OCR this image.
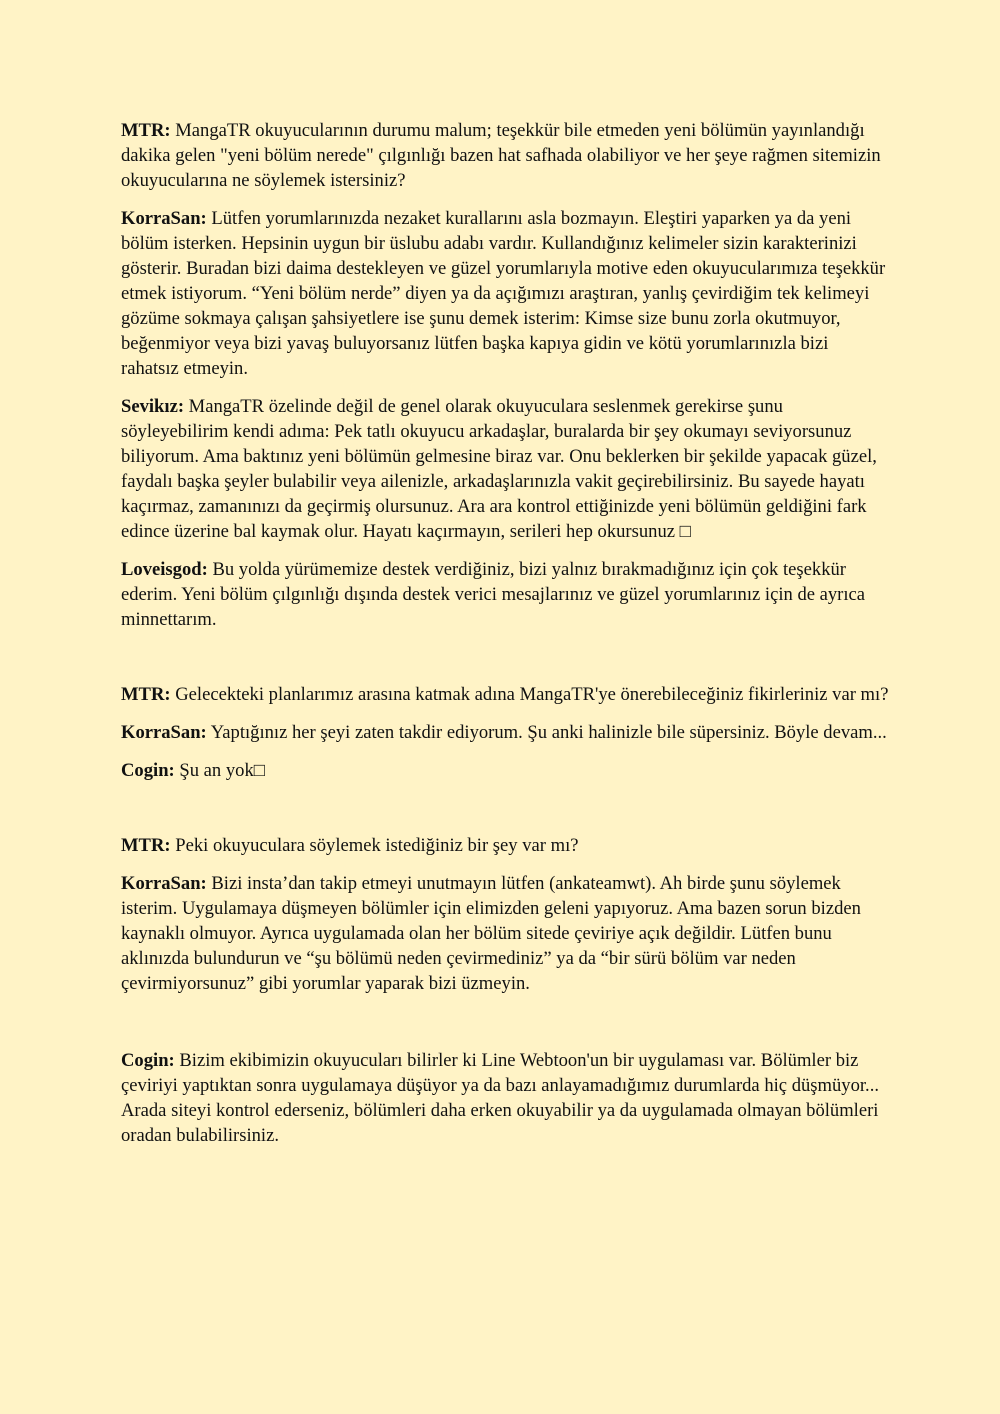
MTR: MangaTR okuyucularının durumu malum; teşekkür bile etmeden yeni bölümün yayınlandığı dakika gelen "yeni bölüm nerede" çılgınlığı bazen hat safhada olabiliyor ve her şeye rağmen sitemizin okuyucularına ne söylemek istersiniz?

KorraSan: Lütfen yorumlarınızda nezaket kurallarını asla bozmayın. Eleştiri yaparken ya da yeni bölüm isterken. Hepsinin uygun bir üslubu adabı vardır. Kullandığınız kelimeler sizin karakterinizi gösterir. Buradan bizi daima destekleyen ve güzel yorumlarıyla motive eden okuyucularımıza teşekkür etmek istiyorum. “Yeni bölüm nerde” diyen ya da açığımızı araştıran, yanlış çevirdiğim tek kelimeyi gözüme sokmaya çalışan şahsiyetlere ise şunu demek isterim: Kimse size bunu zorla okutmuyor, beğenmiyor veya bizi yavaş buluyorsanız lütfen başka kapıya gidin ve kötü yorumlarınızla bizi rahatsız etmeyin.

Sevikız: MangaTR özelinde değil de genel olarak okuyuculara seslenmek gerekirse şunu söyleyebilirim kendi adıma: Pek tatlı okuyucu arkadaşlar, buralarda bir şey okumayı seviyorsunuz biliyorum. Ama baktınız yeni bölümün gelmesine biraz var. Onu beklerken bir şekilde yapacak güzel, faydalı başka şeyler bulabilir veya ailenizle, arkadaşlarınızla vakit geçirebilirsiniz. Bu sayede hayatı kaçırmaz, zamanınızı da geçirmiş olursunuz. Ara ara kontrol ettiğinizde yeni bölümün geldiğini fark edince üzerine bal kaymak olur. Hayatı kaçırmayın, serileri hep okursunuz □

Loveisgod: Bu yolda yürümemize destek verdiğiniz, bizi yalnız bırakmadığınız için çok teşekkür ederim. Yeni bölüm çılgınlığı dışında destek verici mesajlarınız ve güzel yorumlarınız için de ayrıca minnettarım.

MTR: Gelecekteki planlarımız arasına katmak adına MangaTR'ye önerebileceğiniz fikirleriniz var mı?

KorraSan: Yaptığınız her şeyi zaten takdir ediyorum. Şu anki halinizle bile süpersiniz. Böyle devam...

Cogin: Şu an yok□

MTR: Peki okuyuculara söylemek istediğiniz bir şey var mı?

KorraSan: Bizi insta’dan takip etmeyi unutmayın lütfen (ankateamwt). Ah birde şunu söylemek isterim. Uygulamaya düşmeyen bölümler için elimizden geleni yapıyoruz. Ama bazen sorun bizden kaynaklı olmuyor. Ayrıca uygulamada olan her bölüm sitede çeviriye açık değildir. Lütfen bunu aklınızda bulundurun ve “şu bölümü neden çevirmediniz” ya da “bir sürü bölüm var neden çevirmiyorsunuz” gibi yorumlar yaparak bizi üzmeyin.

Cogin: Bizim ekibimizin okuyucuları bilirler ki Line Webtoon'un bir uygulaması var. Bölümler biz çeviriyi yaptıktan sonra uygulamaya düşüyor ya da bazı anlayamadığımız durumlarda hiç düşmüyor... Arada siteyi kontrol ederseniz, bölümleri daha erken okuyabilir ya da uygulamada olmayan bölümleri oradan bulabilirsiniz.
